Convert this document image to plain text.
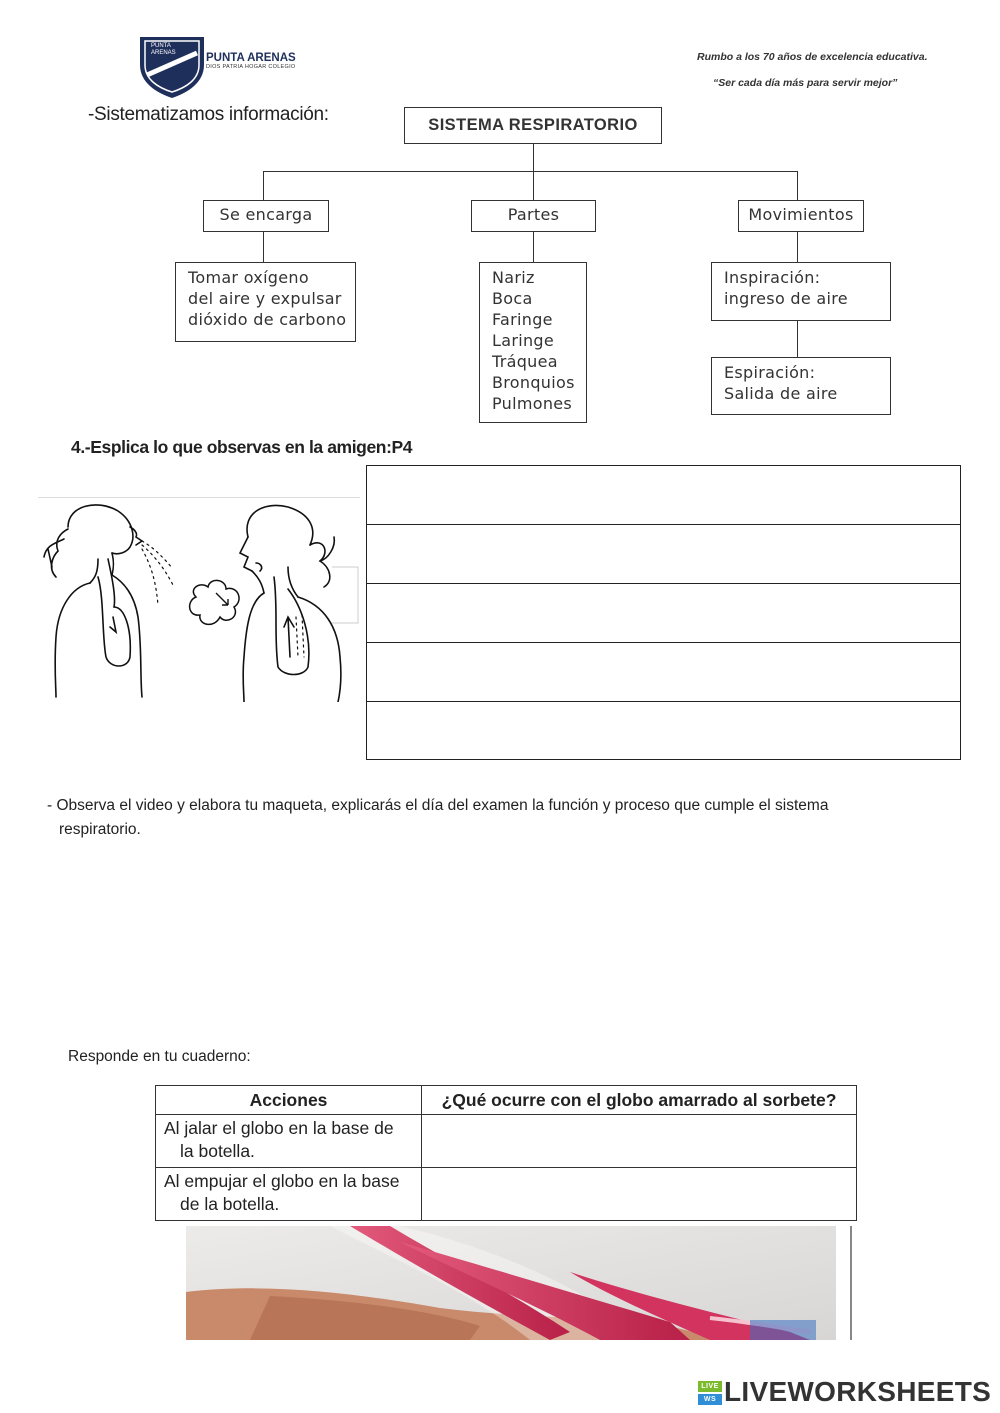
PUNTA
ARENAS	PUNTA ARENAS
DIOS PATRIA HOGAR COLEGIO
Rumbo a los 70 años de excelencia educativa.
“Ser cada día más para servir mejor”
-Sistematizamos información:	SISTEMA RESPIRATORIO
Se encarga	Partes	Movimientos
Tomar oxígeno
del aire y expulsar
dióxido de carbono
Nariz
Boca
Faringe
Laringe
Tráquea
Bronquios
Pulmones
Inspiración:
ingreso de aire
Espiración:
Salida de aire
4.-Esplica lo que observas en la amigen:P4
- Observa el video y elabora tu maqueta, explicarás el día del examen la función y proceso que cumple el sistema
respiratorio.
Responde en tu cuaderno:
Acciones	¿Qué ocurre con el globo amarrado al sorbete?

Al jalar el globo en la base de
la botella.	

Al empujar el globo en la base
de la botella.	

LIVE
WS LIVEWORKSHEETS
